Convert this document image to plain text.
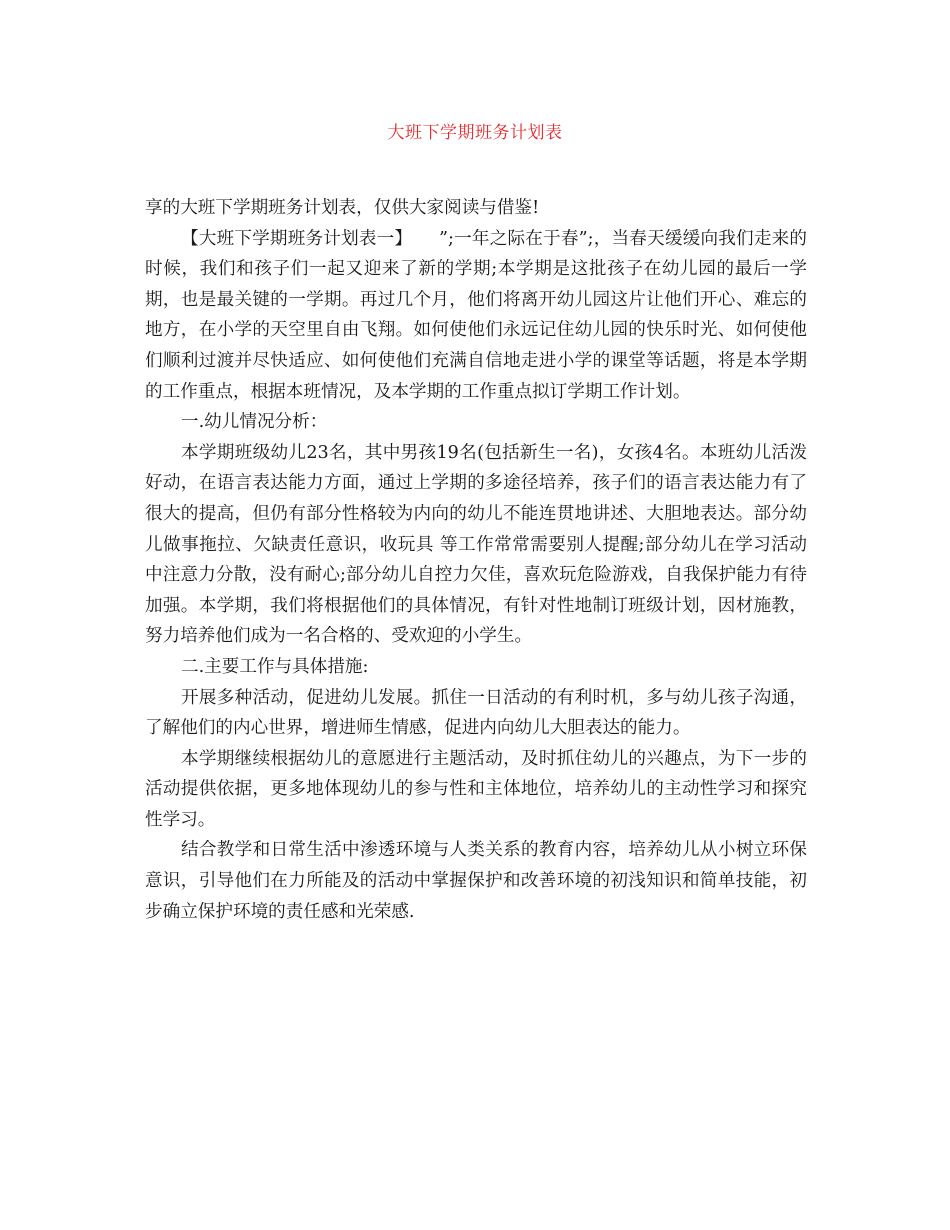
大班下学期班务计划表

享的大班下学期班务计划表，仅供大家阅读与借鉴!

【大班下学期班务计划表一】　　”;一年之际在于春”;，当春天缓缓向我们走来的时候，我们和孩子们一起又迎来了新的学期;本学期是这批孩子在幼儿园的最后一学期，也是最关键的一学期。再过几个月，他们将离开幼儿园这片让他们开心、难忘的地方，在小学的天空里自由飞翔。如何使他们永远记住幼儿园的快乐时光、如何使他们顺利过渡并尽快适应、如何使他们充满自信地走进小学的课堂等话题，将是本学期的工作重点，根据本班情况，及本学期的工作重点拟订学期工作计划。

一.幼儿情况分析：

本学期班级幼儿23名，其中男孩19名(包括新生一名)，女孩4名。本班幼儿活泼好动，在语言表达能力方面，通过上学期的多途径培养，孩子们的语言表达能力有了很大的提高，但仍有部分性格较为内向的幼儿不能连贯地讲述、大胆地表达。部分幼儿做事拖拉、欠缺责任意识，收玩具 等工作常常需要别人提醒;部分幼儿在学习活动中注意力分散，没有耐心;部分幼儿自控力欠佳，喜欢玩危险游戏，自我保护能力有待加强。本学期，我们将根据他们的具体情况，有针对性地制订班级计划，因材施教，努力培养他们成为一名合格的、受欢迎的小学生。

二.主要工作与具体措施:

开展多种活动，促进幼儿发展。抓住一日活动的有利时机，多与幼儿孩子沟通，了解他们的内心世界，增进师生情感，促进内向幼儿大胆表达的能力。

本学期继续根据幼儿的意愿进行主题活动，及时抓住幼儿的兴趣点，为下一步的活动提供依据，更多地体现幼儿的参与性和主体地位，培养幼儿的主动性学习和探究性学习。

结合教学和日常生活中渗透环境与人类关系的教育内容，培养幼儿从小树立环保意识，引导他们在力所能及的活动中掌握保护和改善环境的初浅知识和简单技能，初步确立保护环境的责任感和光荣感.
